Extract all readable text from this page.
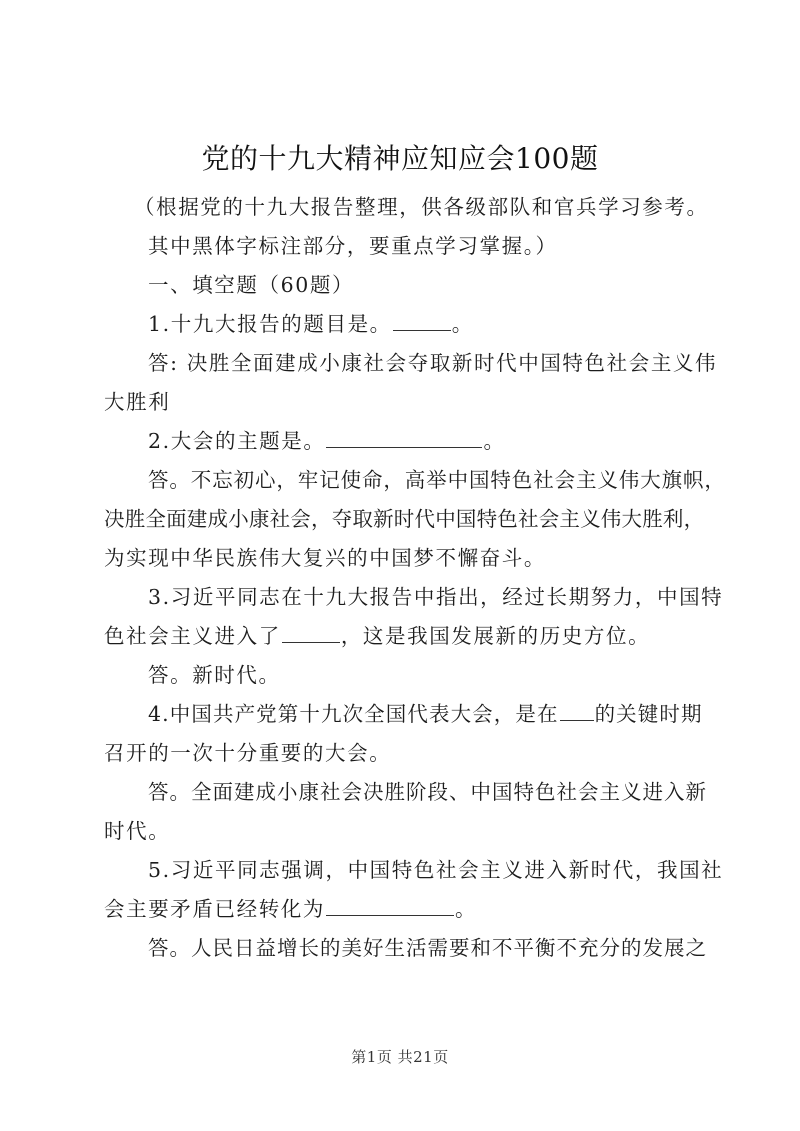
党的十九大精神应知应会100题
（根据党的十九大报告整理，供各级部队和官兵学习参考。
其中黑体字标注部分，要重点学习掌握。）
一、填空题（60题）
1.十九大报告的题目是。	。
答: 决胜全面建成小康社会夺取新时代中国特色社会主义伟
大胜利
2.大会的主题是。	。
答。不忘初心，牢记使命，高举中国特色社会主义伟大旗帜，
决胜全面建成小康社会，夺取新时代中国特色社会主义伟大胜利，
为实现中华民族伟大复兴的中国梦不懈奋斗。
3.习近平同志在十九大报告中指出，经过长期努力，中国特
色社会主义进入了	，这是我国发展新的历史方位。
答。新时代。
4.中国共产党第十九次全国代表大会，是在 的关键时期
召开的一次十分重要的大会。
答。全面建成小康社会决胜阶段、中国特色社会主义进入新
时代。
5.习近平同志强调，中国特色社会主义进入新时代，我国社
会主要矛盾已经转化为	。
答。人民日益增长的美好生活需要和不平衡不充分的发展之
第1页 共21页
